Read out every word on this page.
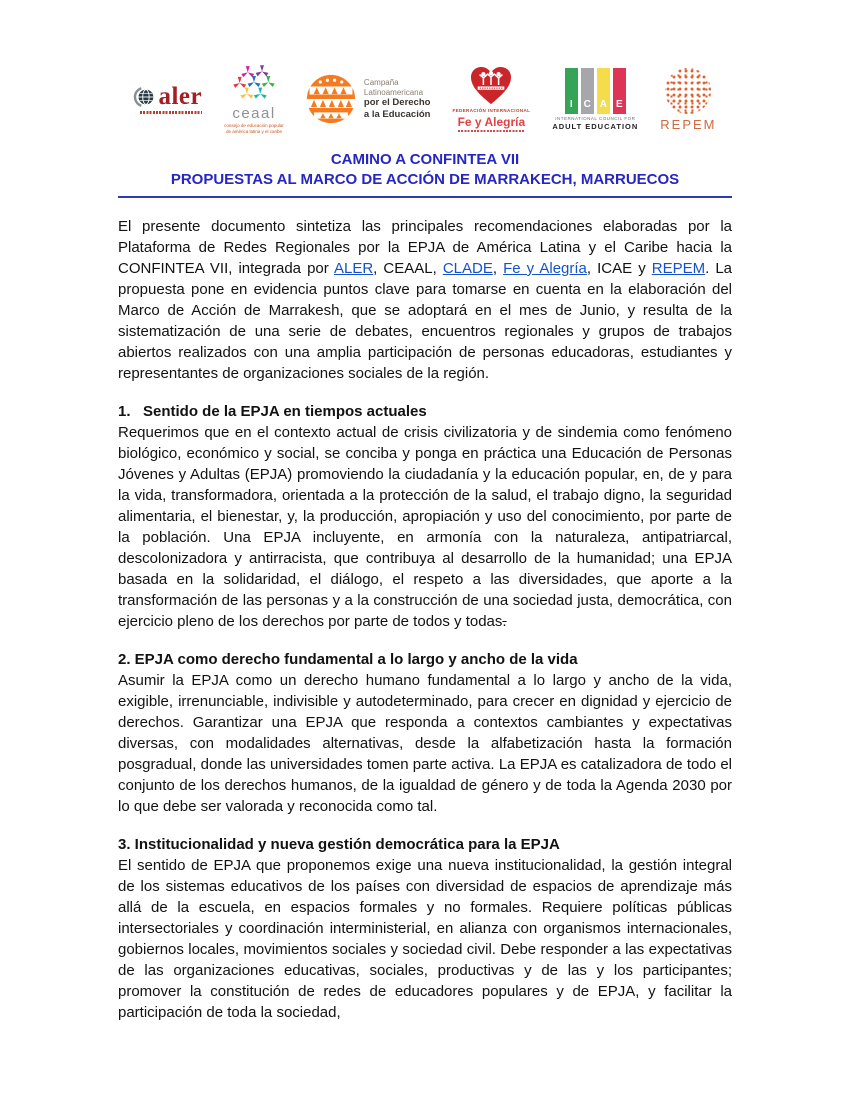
aler
ceaal
consejo de educación popular
de américa latina y el caribe
Campaña
Latinoamericana
por el Derecho
a la Educación	FEDERACIÓN INTERNACIONAL
Fe y Alegría
I C A E
INTERNATIONAL COUNCIL FOR
ADULT EDUCATION REPEM
CAMINO A CONFINTEA VII
PROPUESTAS AL MARCO DE ACCIÓN DE MARRAKECH, MARRUECOS

El presente documento sintetiza las principales recomendaciones elaboradas por la Plataforma de Redes Regionales por la EPJA de América Latina y el Caribe hacia la CONFINTEA VII, integrada por ALER, CEAAL, CLADE, Fe y Alegría, ICAE y REPEM. La propuesta pone en evidencia puntos clave para tomarse en cuenta en la elaboración del Marco de Acción de Marrakesh, que se adoptará en el mes de Junio, y resulta de la sistematización de una serie de debates, encuentros regionales y grupos de trabajos abiertos realizados con una amplia participación de personas educadoras, estudiantes y representantes de organizaciones sociales de la región.

1.   Sentido de la EPJA en tiempos actuales

Requerimos que en el contexto actual de crisis civilizatoria y de sindemia como fenómeno biológico, económico y social, se conciba y ponga en práctica una Educación de Personas Jóvenes y Adultas (EPJA) promoviendo la ciudadanía y la educación popular, en, de y para la vida, transformadora, orientada a la protección de la salud, el trabajo digno, la seguridad alimentaria, el bienestar, y, la producción, apropiación y uso del conocimiento, por parte de la población. Una EPJA incluyente, en armonía con la naturaleza, antipatriarcal, descolonizadora y antirracista, que contribuya al desarrollo de la humanidad; una EPJA basada en la solidaridad, el diálogo, el respeto a las diversidades, que aporte a la transformación de las personas y a la construcción de una sociedad justa, democrática, con ejercicio pleno de los derechos por parte de todos y todas.

2. EPJA como derecho fundamental a lo largo y ancho de la vida

Asumir la EPJA como un derecho humano fundamental a lo largo y ancho de la vida, exigible, irrenunciable, indivisible y autodeterminado, para crecer en dignidad y ejercicio de derechos. Garantizar una EPJA que responda a contextos cambiantes y expectativas diversas, con modalidades alternativas, desde la alfabetización hasta la formación posgradual, donde las universidades tomen parte activa. La EPJA es catalizadora de todo el conjunto de los derechos humanos, de la igualdad de género y de toda la Agenda 2030 por lo que debe ser valorada y reconocida como tal.

3. Institucionalidad y nueva gestión democrática para la EPJA

El sentido de EPJA que proponemos exige una nueva institucionalidad, la gestión integral de los sistemas educativos de los países con diversidad de espacios de aprendizaje más allá de la escuela, en espacios formales y no formales. Requiere políticas públicas intersectoriales y coordinación interministerial, en alianza con organismos internacionales, gobiernos locales, movimientos sociales y sociedad civil. Debe responder a las expectativas de las organizaciones educativas, sociales, productivas y de las y los participantes; promover la constitución de redes de educadores populares y de EPJA, y facilitar la participación de toda la sociedad,
